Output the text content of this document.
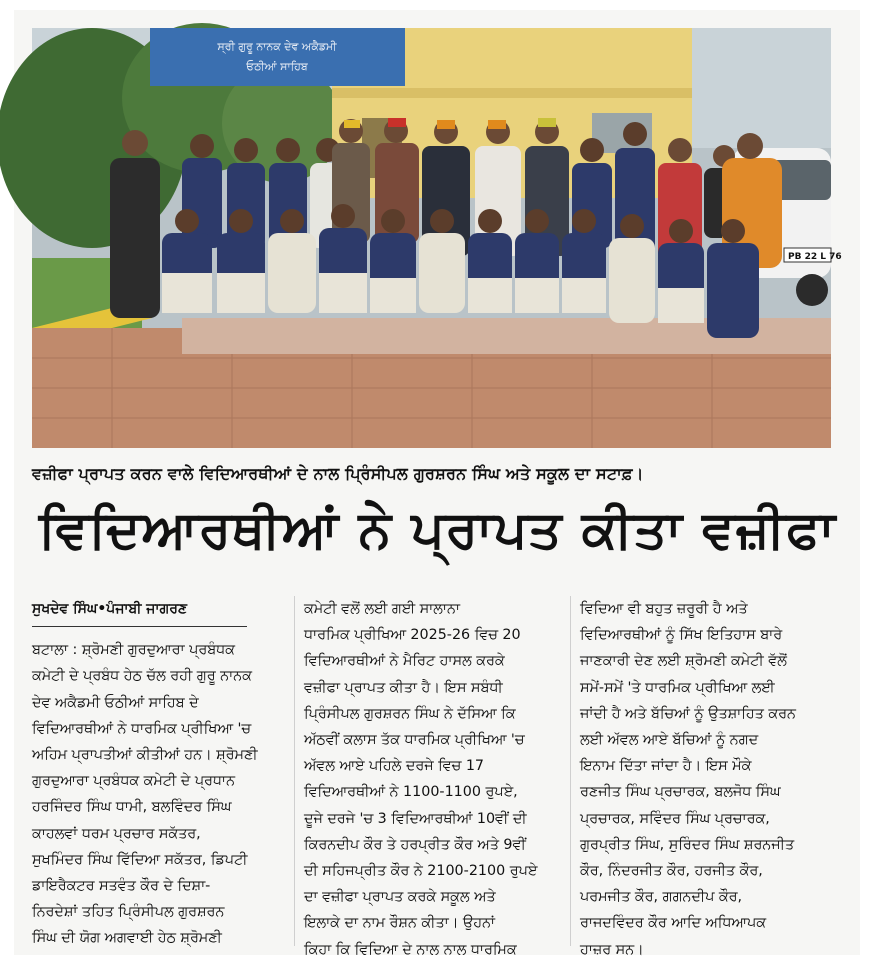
ਸ੍ਰੀ ਗੁਰੂ ਨਾਨਕ ਦੇਵ ਅਕੈਡਮੀ
ਓਠੀਆਂ ਸਾਹਿਬ
PB 22 L 76
ਵਜ਼ੀਫਾ ਪ੍ਰਾਪਤ ਕਰਨ ਵਾਲੇ ਵਿਦਿਆਰਥੀਆਂ ਦੇ ਨਾਲ ਪ੍ਰਿੰਸੀਪਲ ਗੁਰਸ਼ਰਨ ਸਿੰਘ ਅਤੇ ਸਕੂਲ ਦਾ ਸਟਾਫ਼।
ਵਿਦਿਆਰਥੀਆਂ ਨੇ ਪ੍ਰਾਪਤ ਕੀਤਾ ਵਜ਼ੀਫਾ
ਸੁਖਦੇਵ ਸਿੰਘ•ਪੰਜਾਬੀ ਜਾਗਰਣ
ਬਟਾਲਾ : ਸ਼੍ਰੋਮਣੀ ਗੁਰਦੁਆਰਾ ਪ੍ਰਬੰਧਕ
ਕਮੇਟੀ ਦੇ ਪ੍ਰਬੰਧ ਹੇਠ ਚੱਲ ਰਹੀ ਗੁਰੂ ਨਾਨਕ
ਦੇਵ ਅਕੈਡਮੀ ਓਠੀਆਂ ਸਾਹਿਬ ਦੇ
ਵਿਦਿਆਰਥੀਆਂ ਨੇ ਧਾਰਮਿਕ ਪ੍ਰੀਖਿਆ 'ਚ
ਅਹਿਮ ਪ੍ਰਾਪਤੀਆਂ ਕੀਤੀਆਂ ਹਨ। ਸ਼੍ਰੋਮਣੀ
ਗੁਰਦੁਆਰਾ ਪ੍ਰਬੰਧਕ ਕਮੇਟੀ ਦੇ ਪ੍ਰਧਾਨ
ਹਰਜਿੰਦਰ ਸਿੰਘ ਧਾਮੀ, ਬਲਵਿੰਦਰ ਸਿੰਘ
ਕਾਹਲਵਾਂ ਧਰਮ ਪ੍ਰਚਾਰ ਸਕੱਤਰ,
ਸੁਖਮਿੰਦਰ ਸਿੰਘ ਵਿੱਦਿਆ ਸਕੱਤਰ, ਡਿਪਟੀ
ਡਾਇਰੈਕਟਰ ਸਤਵੰਤ ਕੌਰ ਦੇ ਦਿਸ਼ਾ-
ਨਿਰਦੇਸ਼ਾਂ ਤਹਿਤ ਪ੍ਰਿੰਸੀਪਲ ਗੁਰਸ਼ਰਨ
ਸਿੰਘ ਦੀ ਯੋਗ ਅਗਵਾਈ ਹੇਠ ਸ਼੍ਰੋਮਣੀ
ਕਮੇਟੀ ਵਲੋਂ ਲਈ ਗਈ ਸਾਲਾਨਾ
ਧਾਰਮਿਕ ਪ੍ਰੀਖਿਆ 2025-26 ਵਿਚ 20
ਵਿਦਿਆਰਥੀਆਂ ਨੇ ਮੈਰਿਟ ਹਾਸਲ ਕਰਕੇ
ਵਜ਼ੀਫਾ ਪ੍ਰਾਪਤ ਕੀਤਾ ਹੈ। ਇਸ ਸਬੰਧੀ
ਪ੍ਰਿੰਸੀਪਲ ਗੁਰਸ਼ਰਨ ਸਿੰਘ ਨੇ ਦੱਸਿਆ ਕਿ
ਅੱਠਵੀਂ ਕਲਾਸ ਤੱਕ ਧਾਰਮਿਕ ਪ੍ਰੀਖਿਆ 'ਚ
ਅੱਵਲ ਆਏ ਪਹਿਲੇ ਦਰਜੇ ਵਿਚ 17
ਵਿਦਿਆਰਥੀਆਂ ਨੇ 1100-1100 ਰੁਪਏ,
ਦੂਜੇ ਦਰਜੇ 'ਚ 3 ਵਿਦਿਆਰਥੀਆਂ 10ਵੀਂ ਦੀ
ਕਿਰਨਦੀਪ ਕੌਰ ਤੇ ਹਰਪ੍ਰੀਤ ਕੌਰ ਅਤੇ 9ਵੀਂ
ਦੀ ਸਹਿਜਪ੍ਰੀਤ ਕੌਰ ਨੇ 2100-2100 ਰੁਪਏ
ਦਾ ਵਜ਼ੀਫਾ ਪ੍ਰਾਪਤ ਕਰਕੇ ਸਕੂਲ ਅਤੇ
ਇਲਾਕੇ ਦਾ ਨਾਮ ਰੌਸ਼ਨ ਕੀਤਾ। ਉਹਨਾਂ
ਕਿਹਾ ਕਿ ਵਿਦਿਆ ਦੇ ਨਾਲ ਨਾਲ ਧਾਰਮਿਕ
ਵਿਦਿਆ ਵੀ ਬਹੁਤ ਜ਼ਰੂਰੀ ਹੈ ਅਤੇ
ਵਿਦਿਆਰਥੀਆਂ ਨੂੰ ਸਿੱਖ ਇਤਿਹਾਸ ਬਾਰੇ
ਜਾਣਕਾਰੀ ਦੇਣ ਲਈ ਸ਼੍ਰੋਮਣੀ ਕਮੇਟੀ ਵੱਲੋਂ
ਸਮੇਂ-ਸਮੇਂ 'ਤੇ ਧਾਰਮਿਕ ਪ੍ਰੀਖਿਆ ਲਈ
ਜਾਂਦੀ ਹੈ ਅਤੇ ਬੱਚਿਆਂ ਨੂੰ ਉਤਸ਼ਾਹਿਤ ਕਰਨ
ਲਈ ਅੱਵਲ ਆਏ ਬੱਚਿਆਂ ਨੂੰ ਨਗਦ
ਇਨਾਮ ਦਿੱਤਾ ਜਾਂਦਾ ਹੈ। ਇਸ ਮੌਕੇ
ਰਣਜੀਤ ਸਿੰਘ ਪ੍ਰਚਾਰਕ, ਬਲਜੋਧ ਸਿੰਘ
ਪ੍ਰਚਾਰਕ, ਸਵਿੰਦਰ ਸਿੰਘ ਪ੍ਰਚਾਰਕ,
ਗੁਰਪ੍ਰੀਤ ਸਿੰਘ, ਸੁਰਿੰਦਰ ਸਿੰਘ ਸ਼ਰਨਜੀਤ
ਕੌਰ, ਨਿੰਦਰਜੀਤ ਕੌਰ, ਹਰਜੀਤ ਕੌਰ,
ਪਰਮਜੀਤ ਕੌਰ, ਗਗਨਦੀਪ ਕੌਰ,
ਰਾਜਦਵਿੰਦਰ ਕੌਰ ਆਦਿ ਅਧਿਆਪਕ
ਹਾਜ਼ਰ ਸਨ।
